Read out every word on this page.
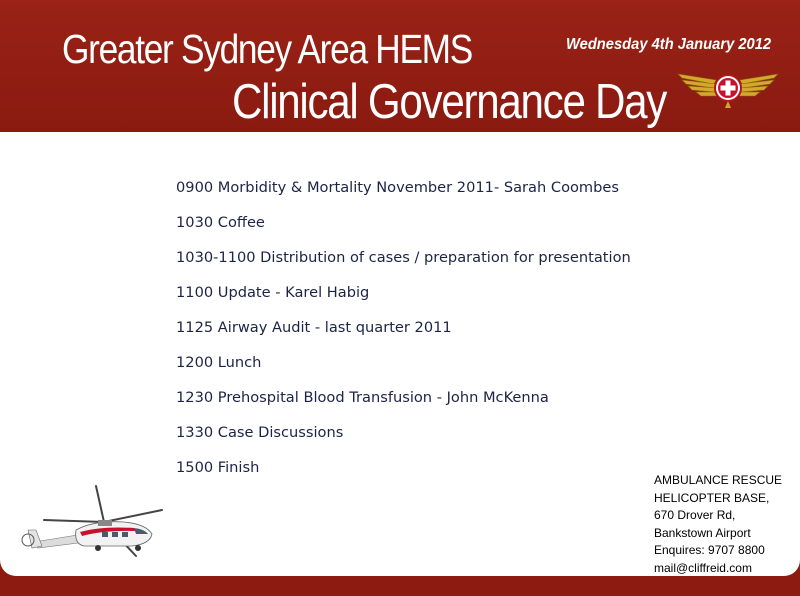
Greater Sydney Area HEMS
Clinical Governance Day
Wednesday 4th January 2012
0900 Morbidity & Mortality November 2011- Sarah Coombes
1030 Coffee
1030-1100 Distribution of cases / preparation for presentation
1100 Update - Karel Habig
1125 Airway Audit - last quarter 2011
1200 Lunch
1230 Prehospital Blood Transfusion - John McKenna
1330 Case Discussions
1500 Finish
AMBULANCE RESCUE
HELICOPTER BASE,
670 Drover Rd,
Bankstown Airport
Enquires: 9707 8800
mail@cliffreid.com
